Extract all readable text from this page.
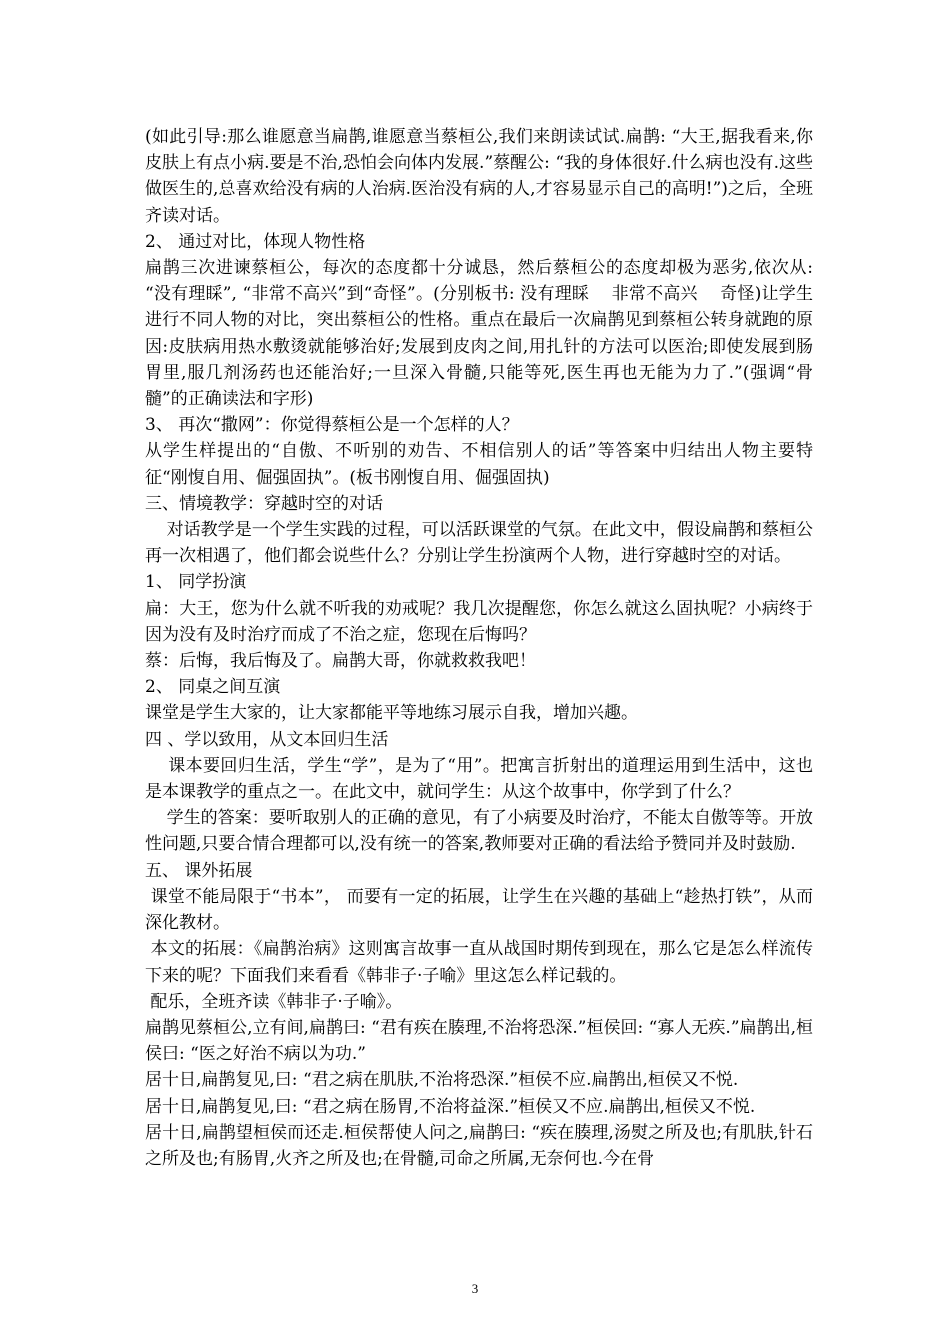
(如此引导:那么谁愿意当扁鹊,谁愿意当蔡桓公,我们来朗读试试.扁鹊: “大王,据我看来,你皮肤上有点小病.要是不治,恐怕会向体内发展.”蔡醒公: “我的身体很好.什么病也没有.这些做医生的,总喜欢给没有病的人治病.医治没有病的人,才容易显示自己的高明!”)之后，全班齐读对话。

2、 通过对比，体现人物性格

扁鹊三次进谏蔡桓公，每次的态度都十分诚恳，然后蔡桓公的态度却极为恶劣,依次从: “没有理睬”, “非常不高兴”到“奇怪”。(分别板书: 没有理睬    非常不高兴    奇怪)让学生进行不同人物的对比，突出蔡桓公的性格。重点在最后一次扁鹊见到蔡桓公转身就跑的原因:皮肤病用热水敷烫就能够治好;发展到皮肉之间,用扎针的方法可以医治;即使发展到肠胃里,服几剂汤药也还能治好;一旦深入骨髓,只能等死,医生再也无能为力了.”(强调“骨髓”的正确读法和字形)

3、 再次“撒网”：你觉得蔡桓公是一个怎样的人？

从学生样提出的“自傲、不听别的劝告、不相信别人的话”等答案中归结出人物主要特征“刚愎自用、倔强固执”。(板书刚愎自用、倔强固执)

三、情境教学：穿越时空的对话

对话教学是一个学生实践的过程，可以活跃课堂的气氛。在此文中，假设扁鹊和蔡桓公再一次相遇了，他们都会说些什么？分别让学生扮演两个人物，进行穿越时空的对话。

1、 同学扮演

扁：大王，您为什么就不听我的劝戒呢？我几次提醒您，你怎么就这么固执呢？小病终于因为没有及时治疗而成了不治之症，您现在后悔吗？

蔡：后悔，我后悔及了。扁鹊大哥，你就救救我吧！

2、 同桌之间互演

课堂是学生大家的，让大家都能平等地练习展示自我，增加兴趣。

四 、学以致用，从文本回归生活

课本要回归生活，学生“学”，是为了“用”。把寓言折射出的道理运用到生活中，这也是本课教学的重点之一。在此文中，就问学生：从这个故事中，你学到了什么？

学生的答案：要听取别人的正确的意见，有了小病要及时治疗，不能太自傲等等。开放性问题,只要合情合理都可以,没有统一的答案,教师要对正确的看法给予赞同并及时鼓励.

五、 课外拓展

课堂不能局限于“书本”， 而要有一定的拓展，让学生在兴趣的基础上“趁热打铁”，从而深化教材。

本文的拓展：《扁鹊治病》这则寓言故事一直从战国时期传到现在，那么它是怎么样流传下来的呢？下面我们来看看《韩非子·子喻》里这怎么样记载的。

配乐，全班齐读《韩非子·子喻》。

扁鹊见蔡桓公,立有间,扁鹊曰: “君有疾在腠理,不治将恐深.”桓侯回: “寡人无疾.”扁鹊出,桓侯曰: “医之好治不病以为功.”

居十日,扁鹊复见,曰: “君之病在肌肤,不治将恐深.”桓侯不应.扁鹊出,桓侯又不悦.

居十日,扁鹊复见,曰: “君之病在肠胃,不治将益深.”桓侯又不应.扁鹊出,桓侯又不悦.

居十日,扁鹊望桓侯而还走.桓侯帮使人问之,扁鹊曰: “疾在腠理,汤熨之所及也;有肌肤,针石之所及也;有肠胃,火齐之所及也;在骨髓,司命之所属,无奈何也.今在骨

3
